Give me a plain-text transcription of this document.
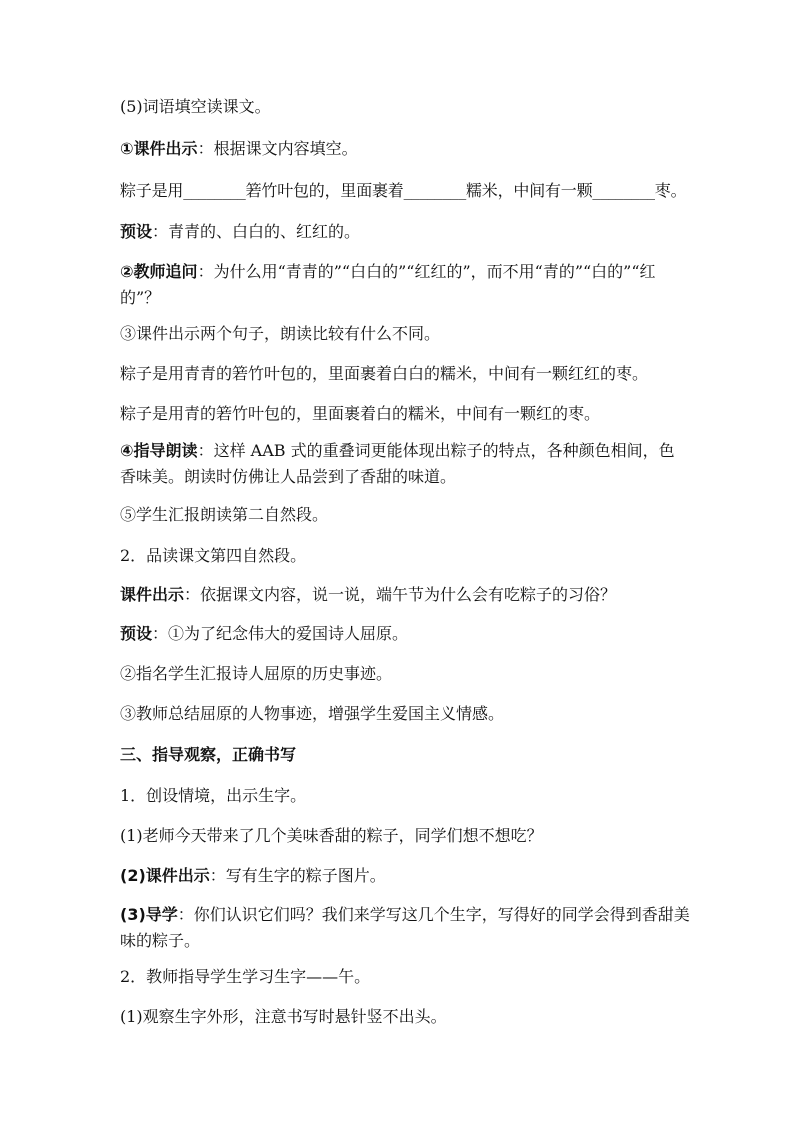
(5)词语填空读课文。
①课件出示：根据课文内容填空。
粽子是用________箬竹叶包的，里面裹着________糯米，中间有一颗________枣。
预设：青青的、白白的、红红的。
②教师追问：为什么用“青青的”“白白的”“红红的”，而不用“青的”“白的”“红的”？
③课件出示两个句子，朗读比较有什么不同。
粽子是用青青的箬竹叶包的，里面裹着白白的糯米，中间有一颗红红的枣。
粽子是用青的箬竹叶包的，里面裹着白的糯米，中间有一颗红的枣。
④指导朗读：这样 AAB 式的重叠词更能体现出粽子的特点，各种颜色相间，色香味美。朗读时仿佛让人品尝到了香甜的味道。
⑤学生汇报朗读第二自然段。
2．品读课文第四自然段。
课件出示：依据课文内容，说一说，端午节为什么会有吃粽子的习俗？
预设：①为了纪念伟大的爱国诗人屈原。
②指名学生汇报诗人屈原的历史事迹。
③教师总结屈原的人物事迹，增强学生爱国主义情感。
三、指导观察，正确书写
1．创设情境，出示生字。
(1)老师今天带来了几个美味香甜的粽子，同学们想不想吃？
(2)课件出示：写有生字的粽子图片。
(3)导学：你们认识它们吗？我们来学写这几个生字，写得好的同学会得到香甜美味的粽子。
2．教师指导学生学习生字——午。
(1)观察生字外形，注意书写时悬针竖不出头。
